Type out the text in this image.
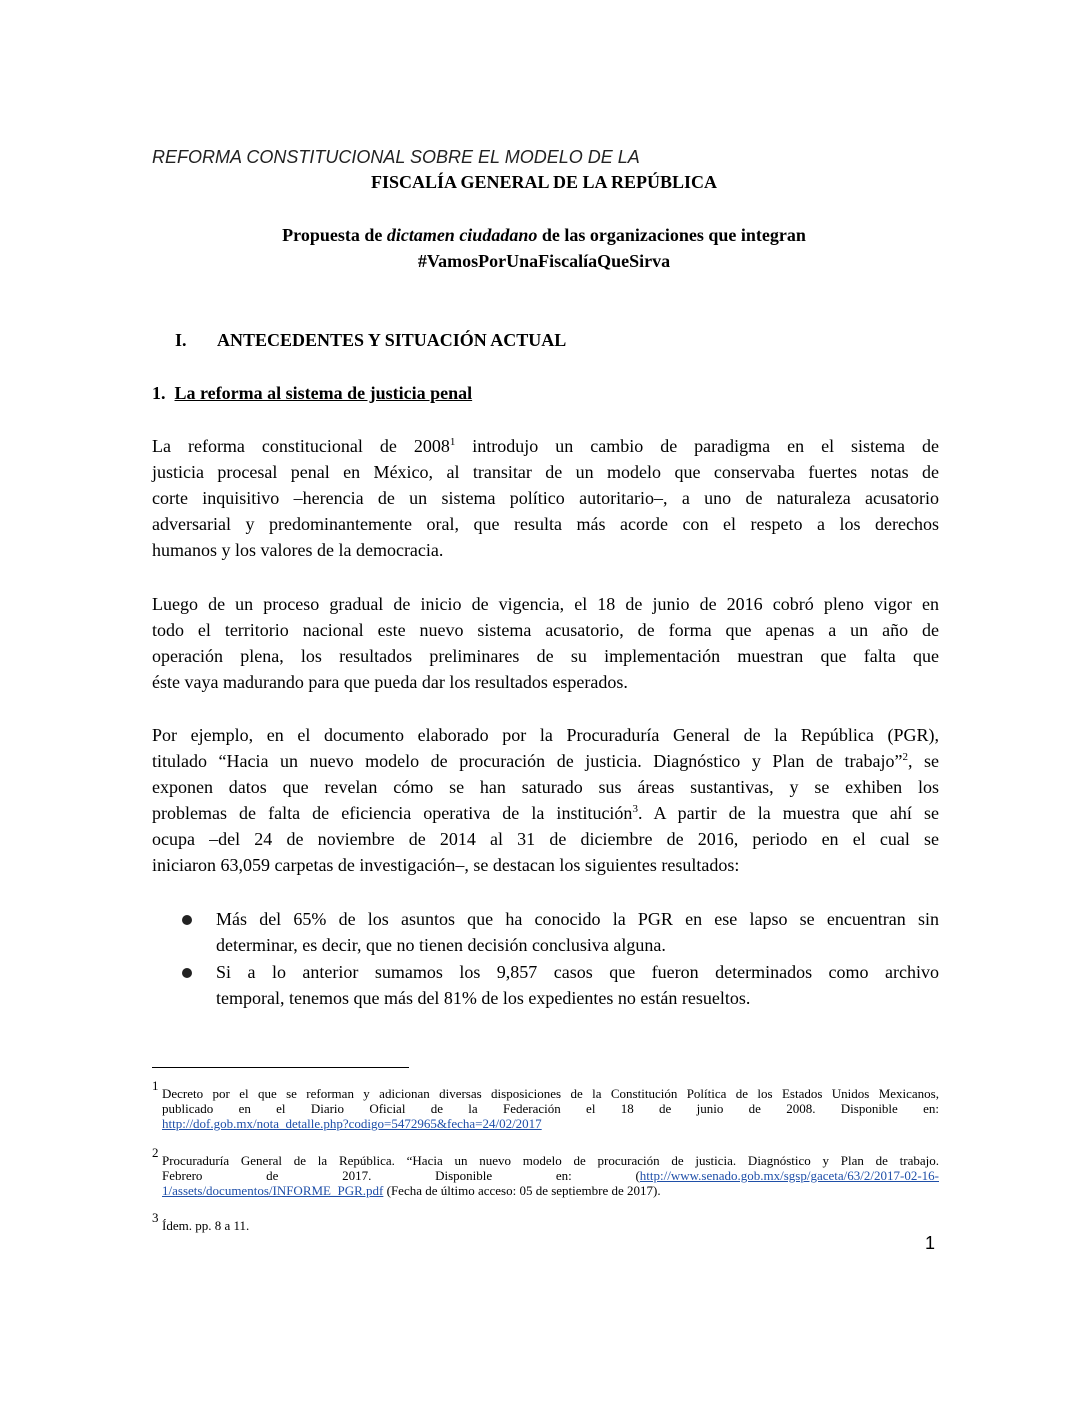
REFORMA CONSTITUCIONAL SOBRE EL MODELO DE LA
FISCALÍA GENERAL DE LA REPÚBLICA
Propuesta de dictamen ciudadano de las organizaciones que integran
#VamosPorUnaFiscalíaQueSirva
I. ANTECEDENTES Y SITUACIÓN ACTUAL
1. La reforma al sistema de justicia penal
La reforma constitucional de 2008$^1$ introdujo un cambio de paradigma en el sistema de
justicia procesal penal en México, al transitar de un modelo que conservaba fuertes notas de
corte inquisitivo –herencia de un sistema político autoritario–, a uno de naturaleza acusatorio
adversarial y predominantemente oral, que resulta más acorde con el respeto a los derechos
humanos y los valores de la democracia.
Luego de un proceso gradual de inicio de vigencia, el 18 de junio de 2016 cobró pleno vigor en
todo el territorio nacional este nuevo sistema acusatorio, de forma que apenas a un año de
operación plena, los resultados preliminares de su implementación muestran que falta que
éste vaya madurando para que pueda dar los resultados esperados.
Por ejemplo, en el documento elaborado por la Procuraduría General de la República (PGR),
titulado “Hacia un nuevo modelo de procuración de justicia. Diagnóstico y Plan de trabajo”$^2$, se
exponen datos que revelan cómo se han saturado sus áreas sustantivas, y se exhiben los
problemas de falta de eficiencia operativa de la institución$^3$. A partir de la muestra que ahí se
ocupa –del 24 de noviembre de 2014 al 31 de diciembre de 2016, periodo en el cual se
iniciaron 63,059 carpetas de investigación–, se destacan los siguientes resultados:
Más del 65% de los asuntos que ha conocido la PGR en ese lapso se encuentran sin
determinar, es decir, que no tienen decisión conclusiva alguna.
Si a lo anterior sumamos los 9,857 casos que fueron determinados como archivo
temporal, tenemos que más del 81% de los expedientes no están resueltos.
1
Decreto por el que se reforman y adicionan diversas disposiciones de la Constitución Política de los Estados Unidos Mexicanos,
publicado en el Diario Oficial de la Federación el 18 de junio de 2008. Disponible en:
http://dof.gob.mx/nota_detalle.php?codigo=5472965&fecha=24/02/2017
2
Procuraduría General de la República. “Hacia un nuevo modelo de procuración de justicia. Diagnóstico y Plan de trabajo.
Febrero de 2017. Disponible en: (http://www.senado.gob.mx/sgsp/gaceta/63/2/2017-02-16-
1/assets/documentos/INFORME_PGR.pdf (Fecha de último acceso: 05 de septiembre de 2017).
3
Ídem. pp. 8 a 11.
1
